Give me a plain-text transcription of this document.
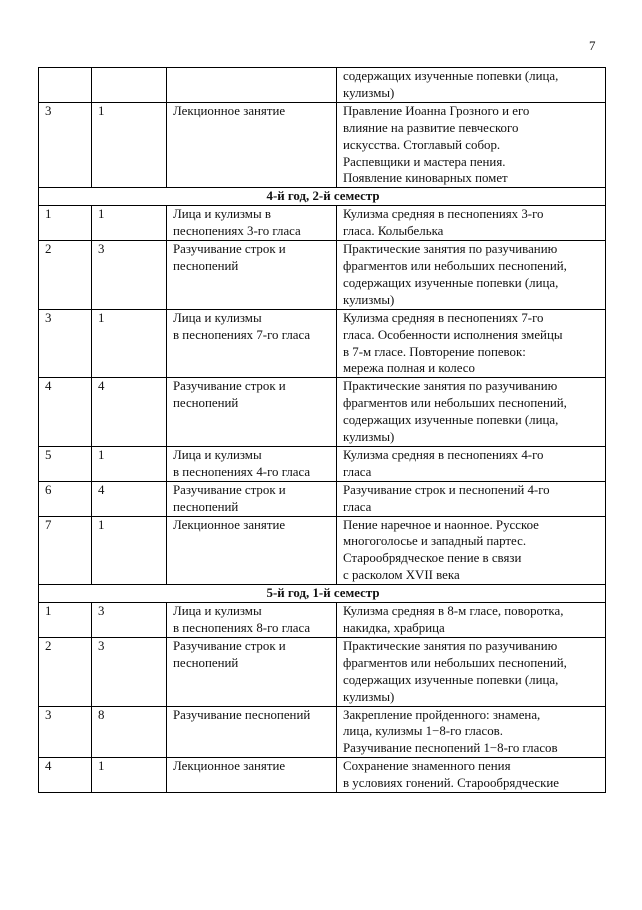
7
			содержащих изученные попевки (лица,
кулизмы)
3	1	Лекционное занятие	Правление Иоанна Грозного и его
влияние на развитие певческого
искусства. Стоглавый собор.
Распевщики и мастера пения.
Появление киноварных помет
4-й год, 2-й семестр			
1	1	Лица и кулизмы в
песнопениях 3-го гласа	Кулизма средняя в песнопениях 3-го
гласа. Колыбелька
2	3	Разучивание строк и
песнопений	Практические занятия по разучиванию
фрагментов или небольших песнопений,
содержащих изученные попевки (лица,
кулизмы)
3	1	Лица и кулизмы
в песнопениях 7-го гласа	Кулизма средняя в песнопениях 7-го
гласа. Особенности исполнения змейцы
в 7-м гласе. Повторение попевок:
мережа полная и колесо
4	4	Разучивание строк и
песнопений	Практические занятия по разучиванию
фрагментов или небольших песнопений,
содержащих изученные попевки (лица,
кулизмы)
5	1	Лица и кулизмы
в песнопениях 4-го гласа	Кулизма средняя в песнопениях 4-го
гласа
6	4	Разучивание строк и
песнопений	Разучивание строк и песнопений 4-го
гласа
7	1	Лекционное занятие	Пение наречное и наонное. Русское
многоголосье и западный партес.
Старообрядческое пение в связи
с расколом XVII века
5-й год, 1-й семестр			
1	3	Лица и кулизмы
в песнопениях 8-го гласа	Кулизма средняя в 8-м гласе, поворотка,
накидка, храбрица
2	3	Разучивание строк и
песнопений	Практические занятия по разучиванию
фрагментов или небольших песнопений,
содержащих изученные попевки (лица,
кулизмы)
3	8	Разучивание песнопений	Закрепление пройденного: знамена,
лица, кулизмы 1−8-го гласов.
Разучивание песнопений 1−8-го гласов
4	1	Лекционное занятие	Сохранение знаменного пения
в условиях гонений. Старообрядческие
